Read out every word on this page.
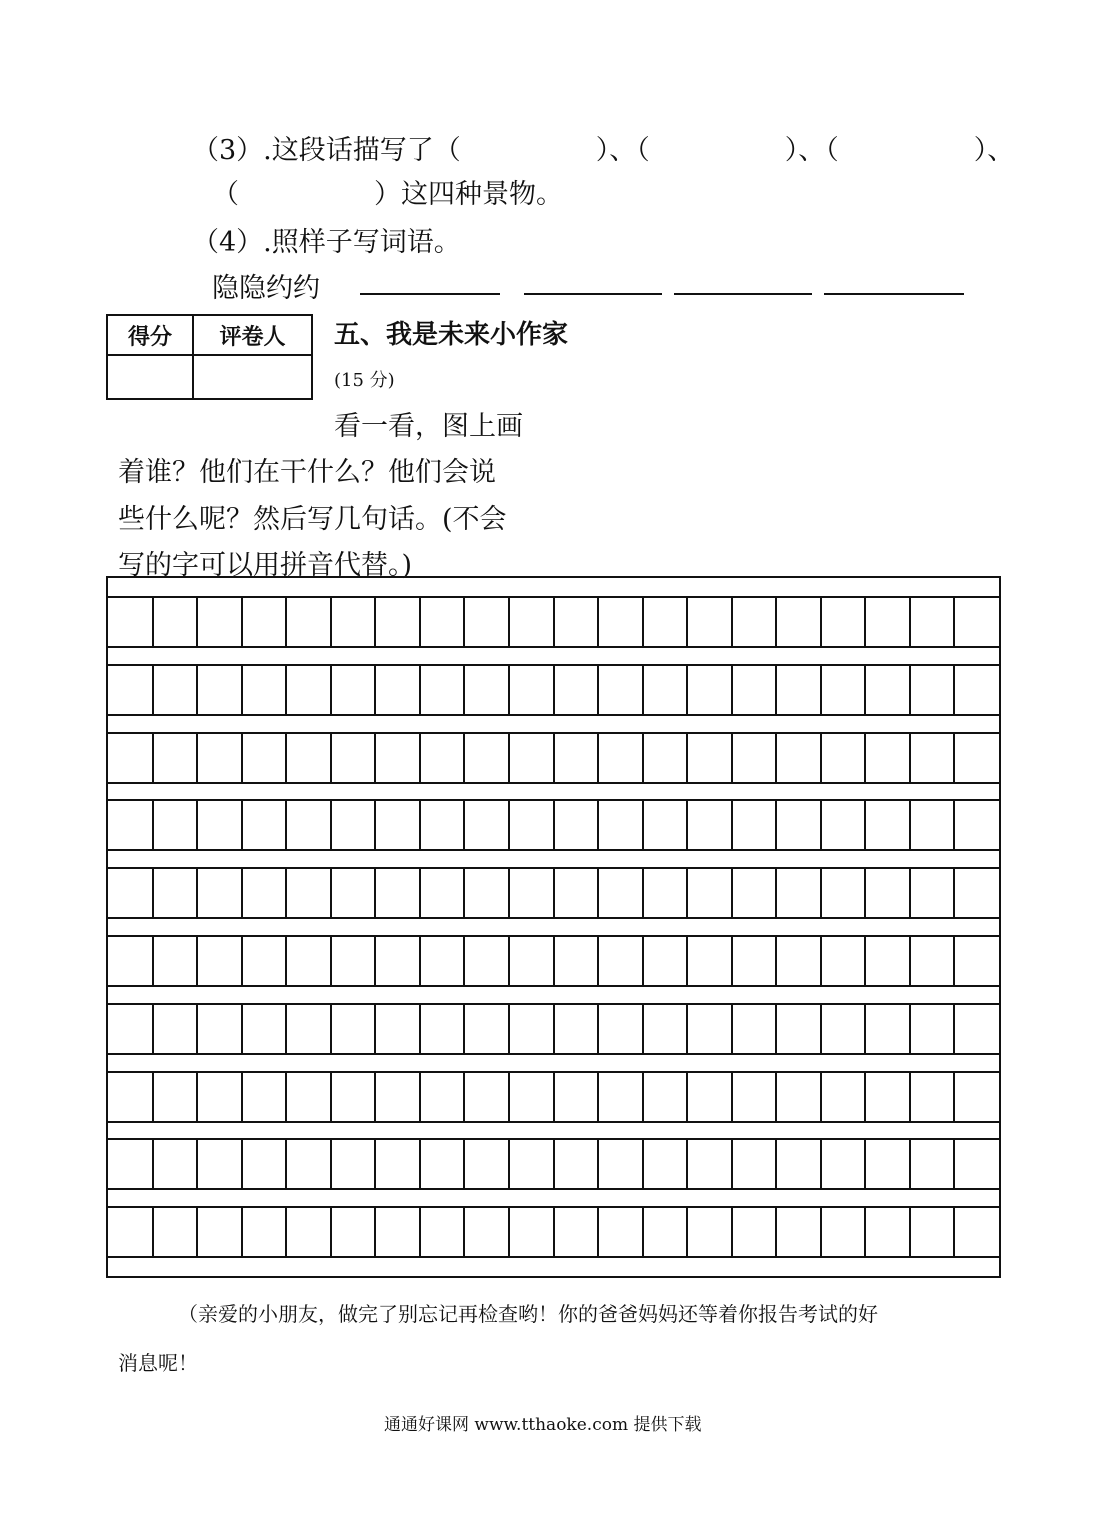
（3）.这段话描写了（　　　　　）、（　　　　　）、（　　　　　）、
（　　　　　）这四种景物。
（4）.照样子写词语。
隐隐约约
得分	评卷人
	五、我是未来小作家
(15 分)
看一看，图上画
着谁？他们在干什么？他们会说
些什么呢？然后写几句话。(不会
写的字可以用拼音代替。)
（亲爱的小朋友，做完了别忘记再检查哟！你的爸爸妈妈还等着你报告考试的好
消息呢！
通通好课网 www.tthaoke.com 提供下载
